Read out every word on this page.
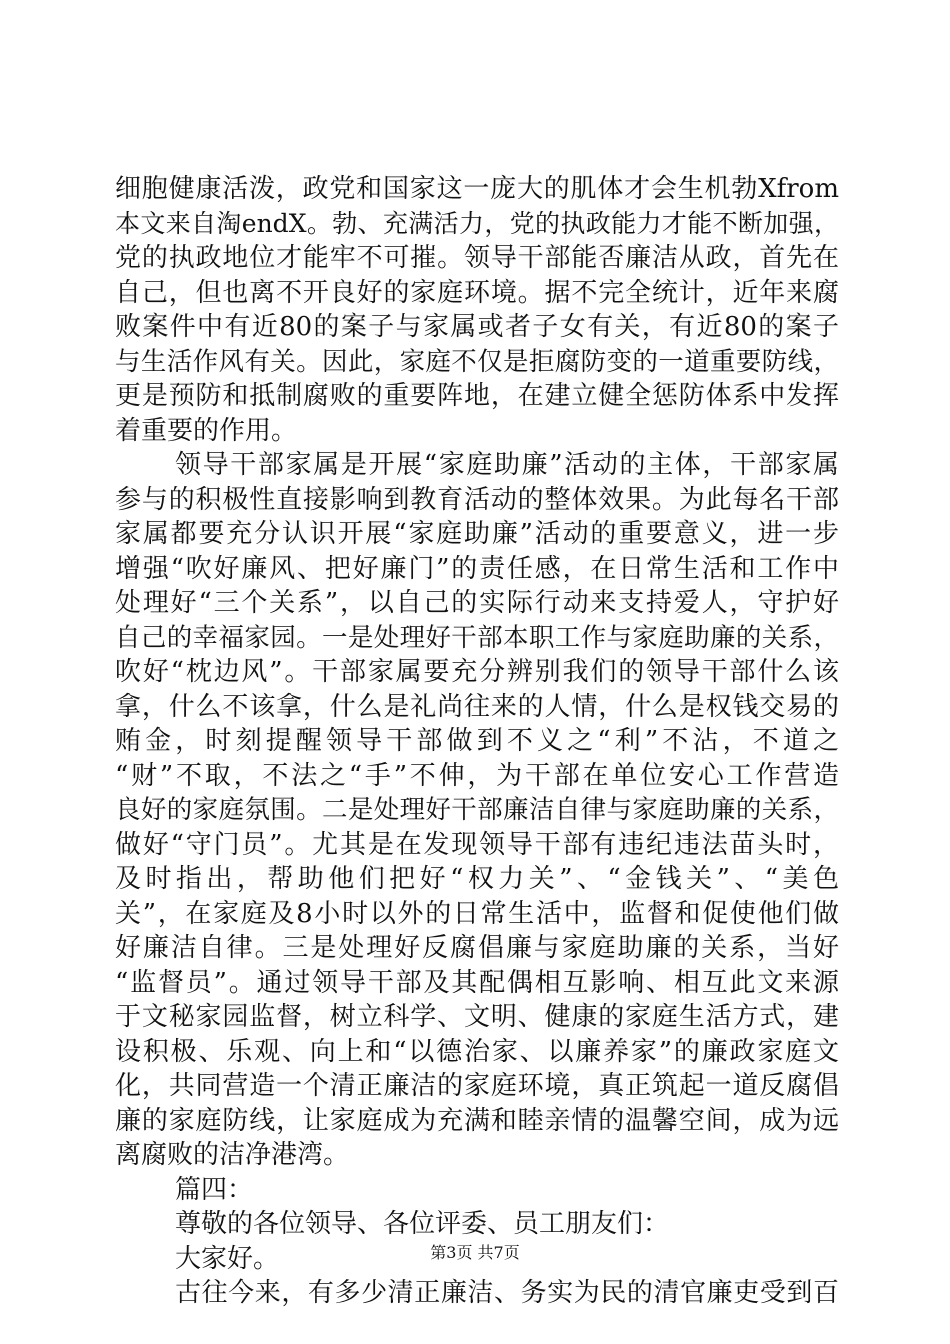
细胞健康活泼，政党和国家这一庞大的肌体才会生机勃Xfrom
本文来自淘endX。勃、充满活力，党的执政能力才能不断加强，
党的执政地位才能牢不可摧。领导干部能否廉洁从政，首先在
自己，但也离不开良好的家庭环境。据不完全统计，近年来腐
败案件中有近80的案子与家属或者子女有关，有近80的案子
与生活作风有关。因此，家庭不仅是拒腐防变的一道重要防线，
更是预防和抵制腐败的重要阵地，在建立健全惩防体系中发挥
着重要的作用。
领导干部家属是开展“家庭助廉”活动的主体，干部家属
参与的积极性直接影响到教育活动的整体效果。为此每名干部
家属都要充分认识开展“家庭助廉”活动的重要意义，进一步
增强“吹好廉风、把好廉门”的责任感，在日常生活和工作中
处理好“三个关系”，以自己的实际行动来支持爱人，守护好
自己的幸福家园。一是处理好干部本职工作与家庭助廉的关系，
吹好“枕边风”。干部家属要充分辨别我们的领导干部什么该
拿，什么不该拿，什么是礼尚往来的人情，什么是权钱交易的
贿金，时刻提醒领导干部做到不义之“利”不沾，不道之
“财”不取，不法之“手”不伸，为干部在单位安心工作营造
良好的家庭氛围。二是处理好干部廉洁自律与家庭助廉的关系，
做好“守门员”。尤其是在发现领导干部有违纪违法苗头时，
及时指出，帮助他们把好“权力关”、“金钱关”、“美色
关”，在家庭及8小时以外的日常生活中，监督和促使他们做
好廉洁自律。三是处理好反腐倡廉与家庭助廉的关系，当好
“监督员”。通过领导干部及其配偶相互影响、相互此文来源
于文秘家园监督，树立科学、文明、健康的家庭生活方式，建
设积极、乐观、向上和“以德治家、以廉养家”的廉政家庭文
化，共同营造一个清正廉洁的家庭环境，真正筑起一道反腐倡
廉的家庭防线，让家庭成为充满和睦亲情的温馨空间，成为远
离腐败的洁净港湾。
篇四：
尊敬的各位领导、各位评委、员工朋友们：
大家好。
古往今来，有多少清正廉洁、务实为民的清官廉吏受到百
第3页 共7页
